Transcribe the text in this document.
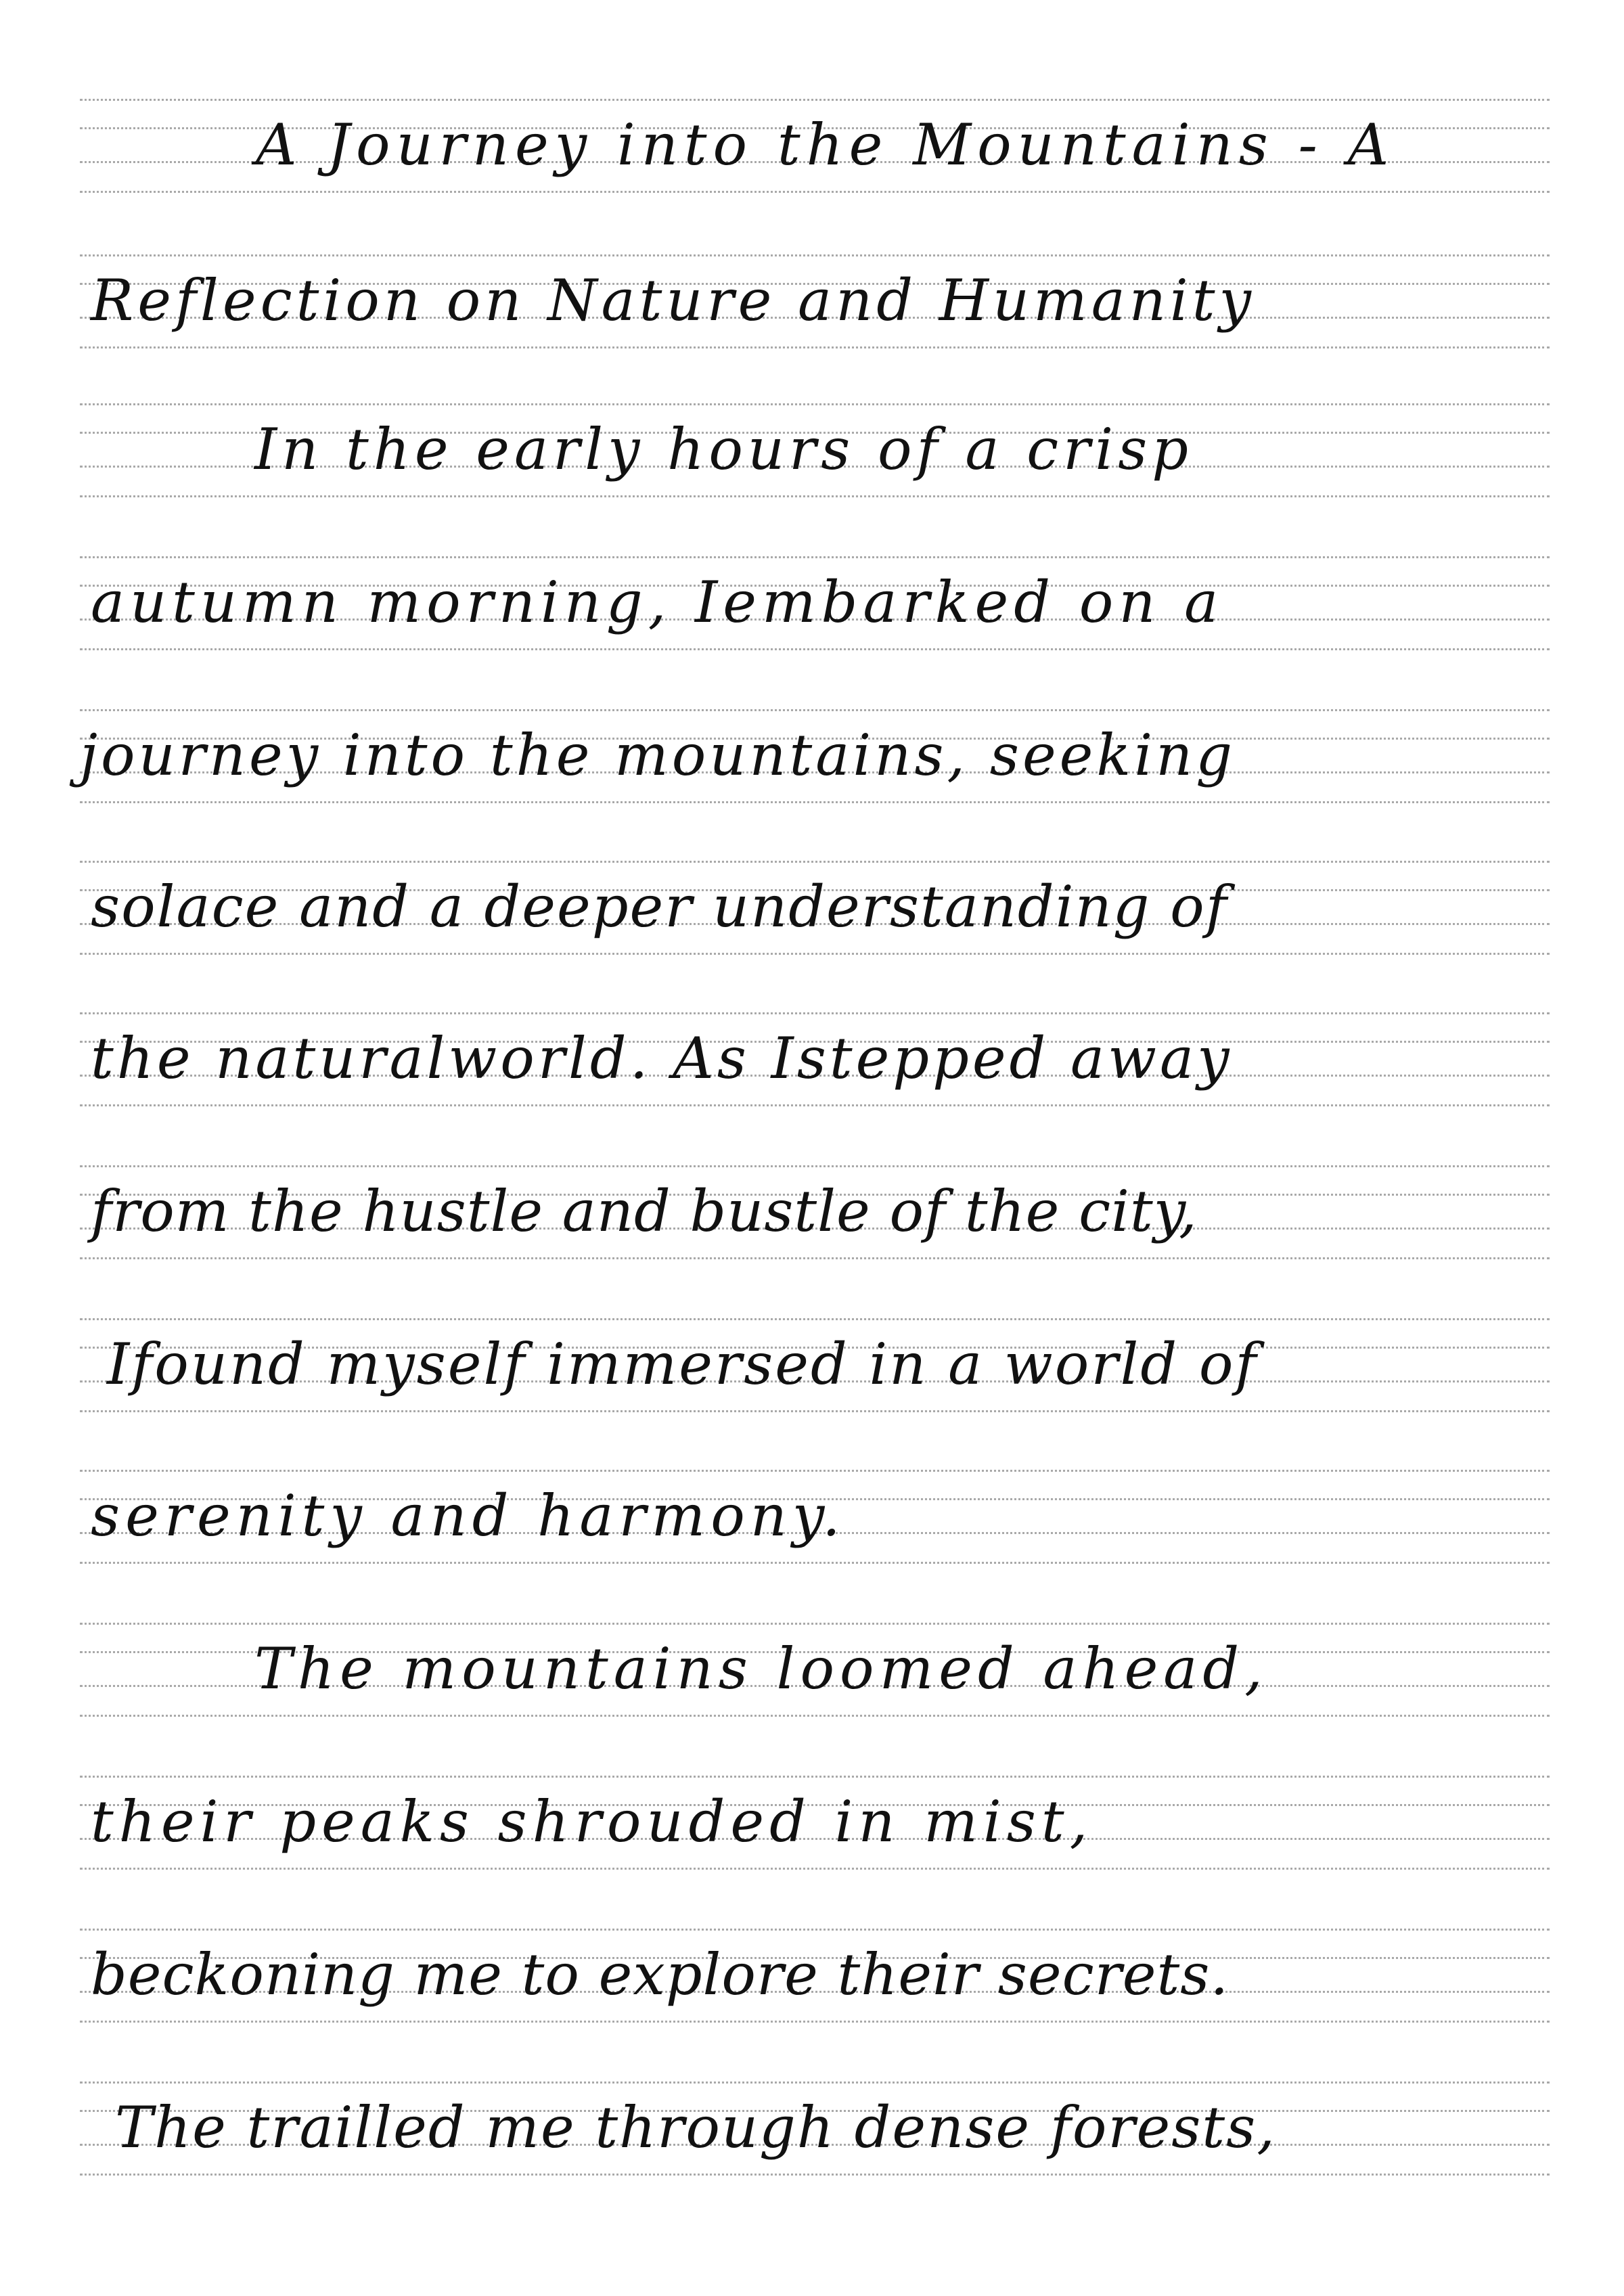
A Journey into the Mountains - A
Reflection on Nature and Humanity
In the early hours of a crisp
autumn morning, Iembarked on a
journey into the mountains, seeking
solace and a deeper understanding of
the naturalworld. As Istepped away
from the hustle and bustle of the city,
Ifound myself immersed in a world of
serenity and harmony.
The mountains loomed ahead,
their peaks shrouded in mist,
beckoning me to explore their secrets.
The trailled me through dense forests,
